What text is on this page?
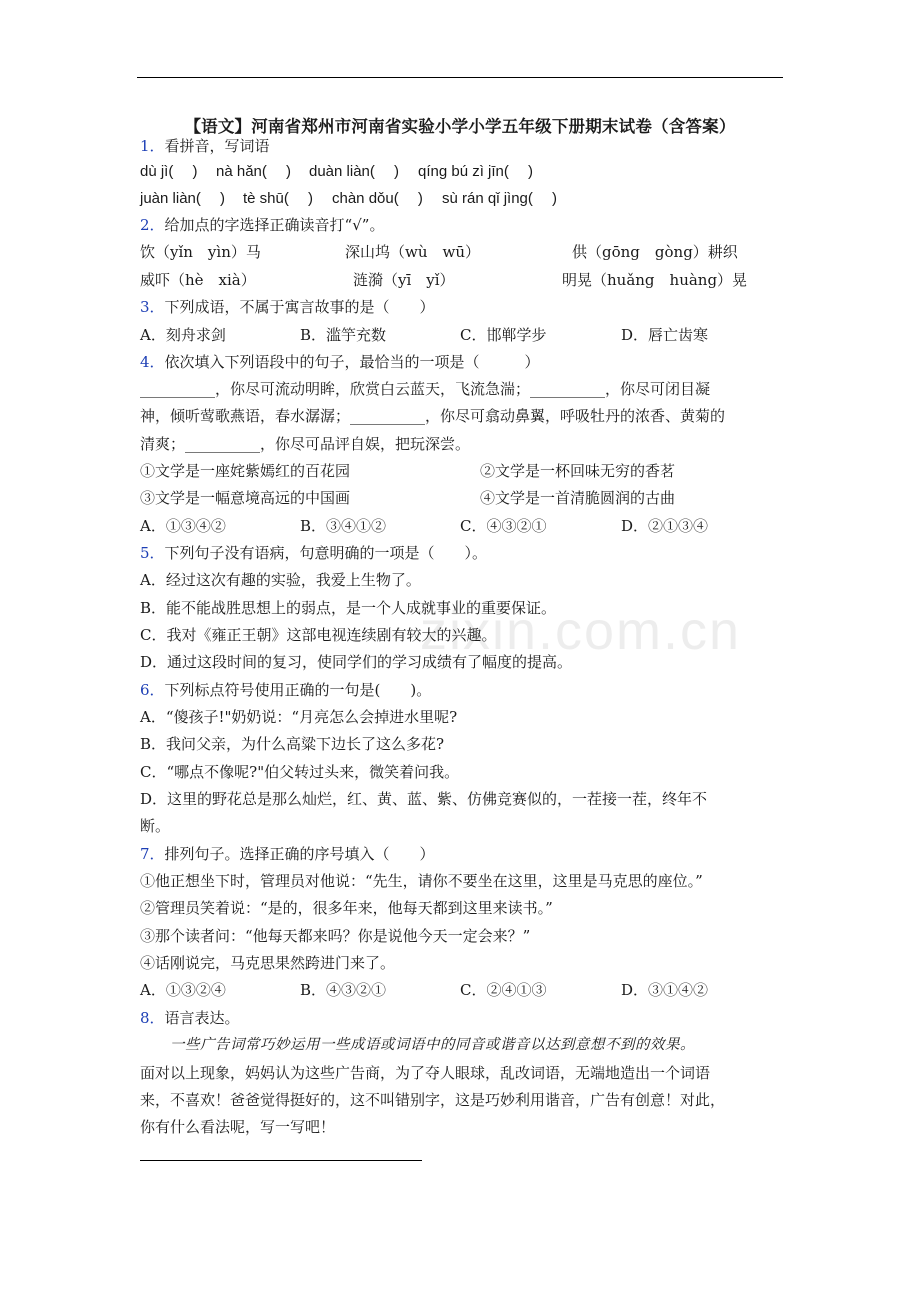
zixin.com.cn
【语文】河南省郑州市河南省实验小学小学五年级下册期末试卷（含答案）
1．看拼音，写词语
dù jì(　 ) nà hǎn(　 ) duàn liàn(　 ) qíng bú zì jīn(　 )
juàn liàn(　 ) tè shū(　 ) chàn dǒu(　 ) sù rán qǐ jìng(　 )
2．给加点的字选择正确读音打“√”。
饮（yǐn　yìn）马	深山坞（wù　wū）	供（gōng　gòng）耕织
威吓（hè　xià）	涟漪（yī　yǐ）	明晃（huǎng　huàng）晃
3．下列成语，不属于寓言故事的是（　　）
A．刻舟求剑	B．滥竽充数	C．邯郸学步	D．唇亡齿寒
4．依次填入下列语段中的句子，最恰当的一项是（　　　）
__________，你尽可流动明眸，欣赏白云蓝天，飞流急湍；__________，你尽可闭目凝
神，倾听莺歌燕语，春水潺潺；__________，你尽可翕动鼻翼，呼吸牡丹的浓香、黄菊的
清爽；__________，你尽可品评自娱，把玩深尝。
①文学是一座姹紫嫣红的百花园	②文学是一杯回味无穷的香茗
③文学是一幅意境高远的中国画	④文学是一首清脆圆润的古曲
A．①③④②	B．③④①②	C．④③②①	D．②①③④
5．下列句子没有语病，句意明确的一项是（　　）。
A．经过这次有趣的实验，我爱上生物了。
B．能不能战胜思想上的弱点，是一个人成就事业的重要保证。
C．我对《雍正王朝》这部电视连续剧有较大的兴趣。
D．通过这段时间的复习，使同学们的学习成绩有了幅度的提高。
6．下列标点符号使用正确的一句是(　　)。
A．“傻孩子!"奶奶说：“月亮怎么会掉进水里呢?
B．我问父亲，为什么高粱下边长了这么多花?
C．“哪点不像呢?"伯父转过头来，微笑着问我。
D．这里的野花总是那么灿烂，红、黄、蓝、紫、仿佛竞赛似的，一茬接一茬，终年不
断。
7．排列句子。选择正确的序号填入（　　）
①他正想坐下时，管理员对他说：“先生，请你不要坐在这里，这里是马克思的座位。”
②管理员笑着说：“是的，很多年来，他每天都到这里来读书。”
③那个读者问：“他每天都来吗？你是说他今天一定会来？”
④话刚说完，马克思果然跨进门来了。
A．①③②④	B．④③②①	C．②④①③	D．③①④②
8．语言表达。
一些广告词常巧妙运用一些成语或词语中的同音或谐音以达到意想不到的效果。
面对以上现象，妈妈认为这些广告商，为了夺人眼球，乱改词语，无端地造出一个词语
来，不喜欢！爸爸觉得挺好的，这不叫错别字，这是巧妙利用谐音，广告有创意！对此，
你有什么看法呢，写一写吧！
